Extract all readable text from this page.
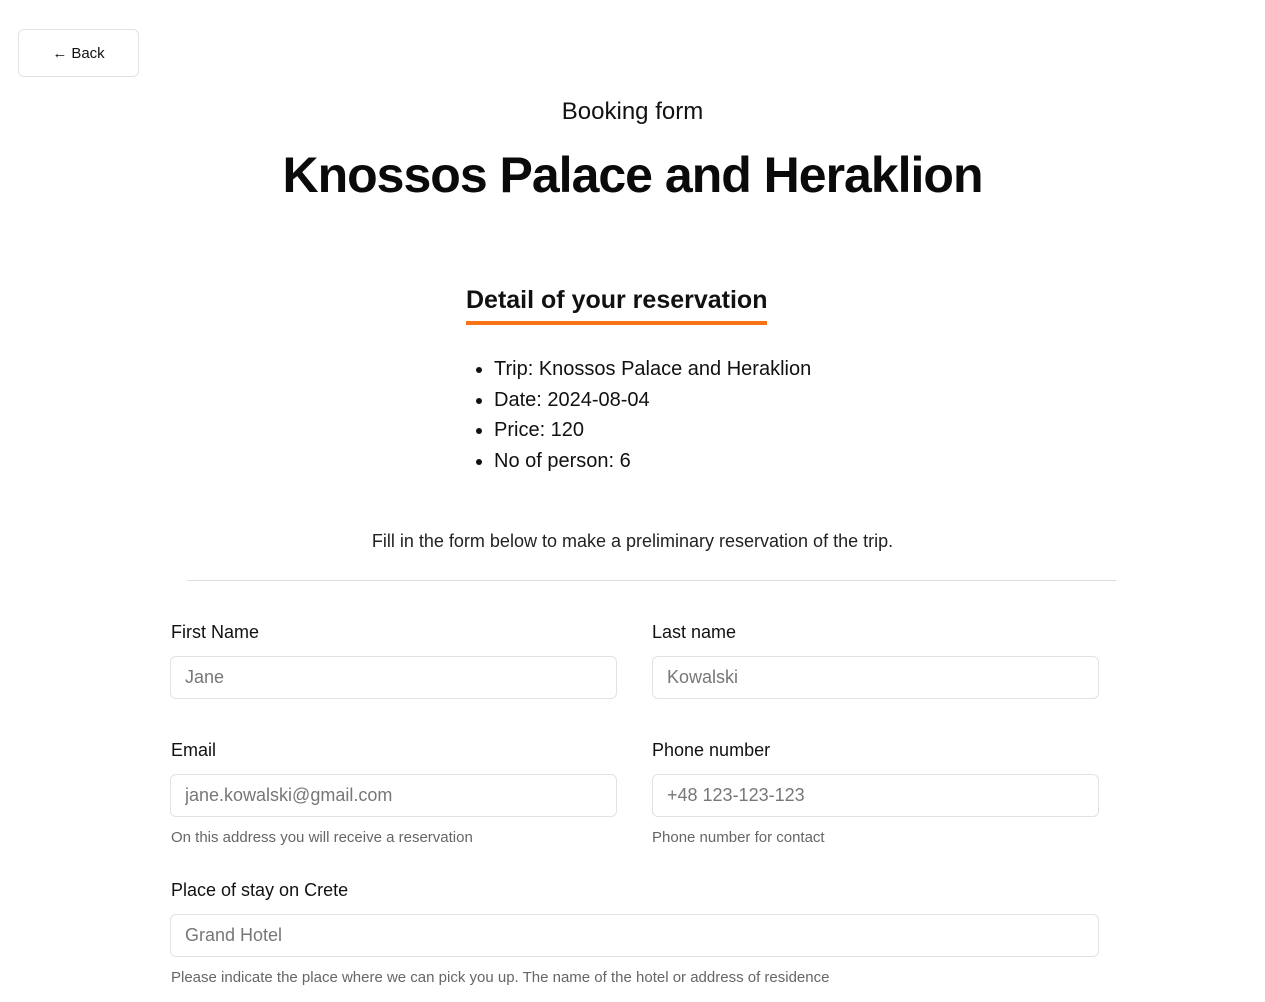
← Back
Booking form
Knossos Palace and Heraklion
Detail of your reservation
• Trip: Knossos Palace and Heraklion
• Date: 2024-08-04
• Price: 120
• No of person: 6

Fill in the form below to make a preliminary reservation of the trip.

First Name
Jane	Last name
Kowalski
Email
jane.kowalski@gmail.com
On this address you will receive a reservation
Phone number
+48 123-123-123
Phone number for contact
Place of stay on Crete
Grand Hotel
Please indicate the place where we can pick you up. The name of the hotel or address of residence
